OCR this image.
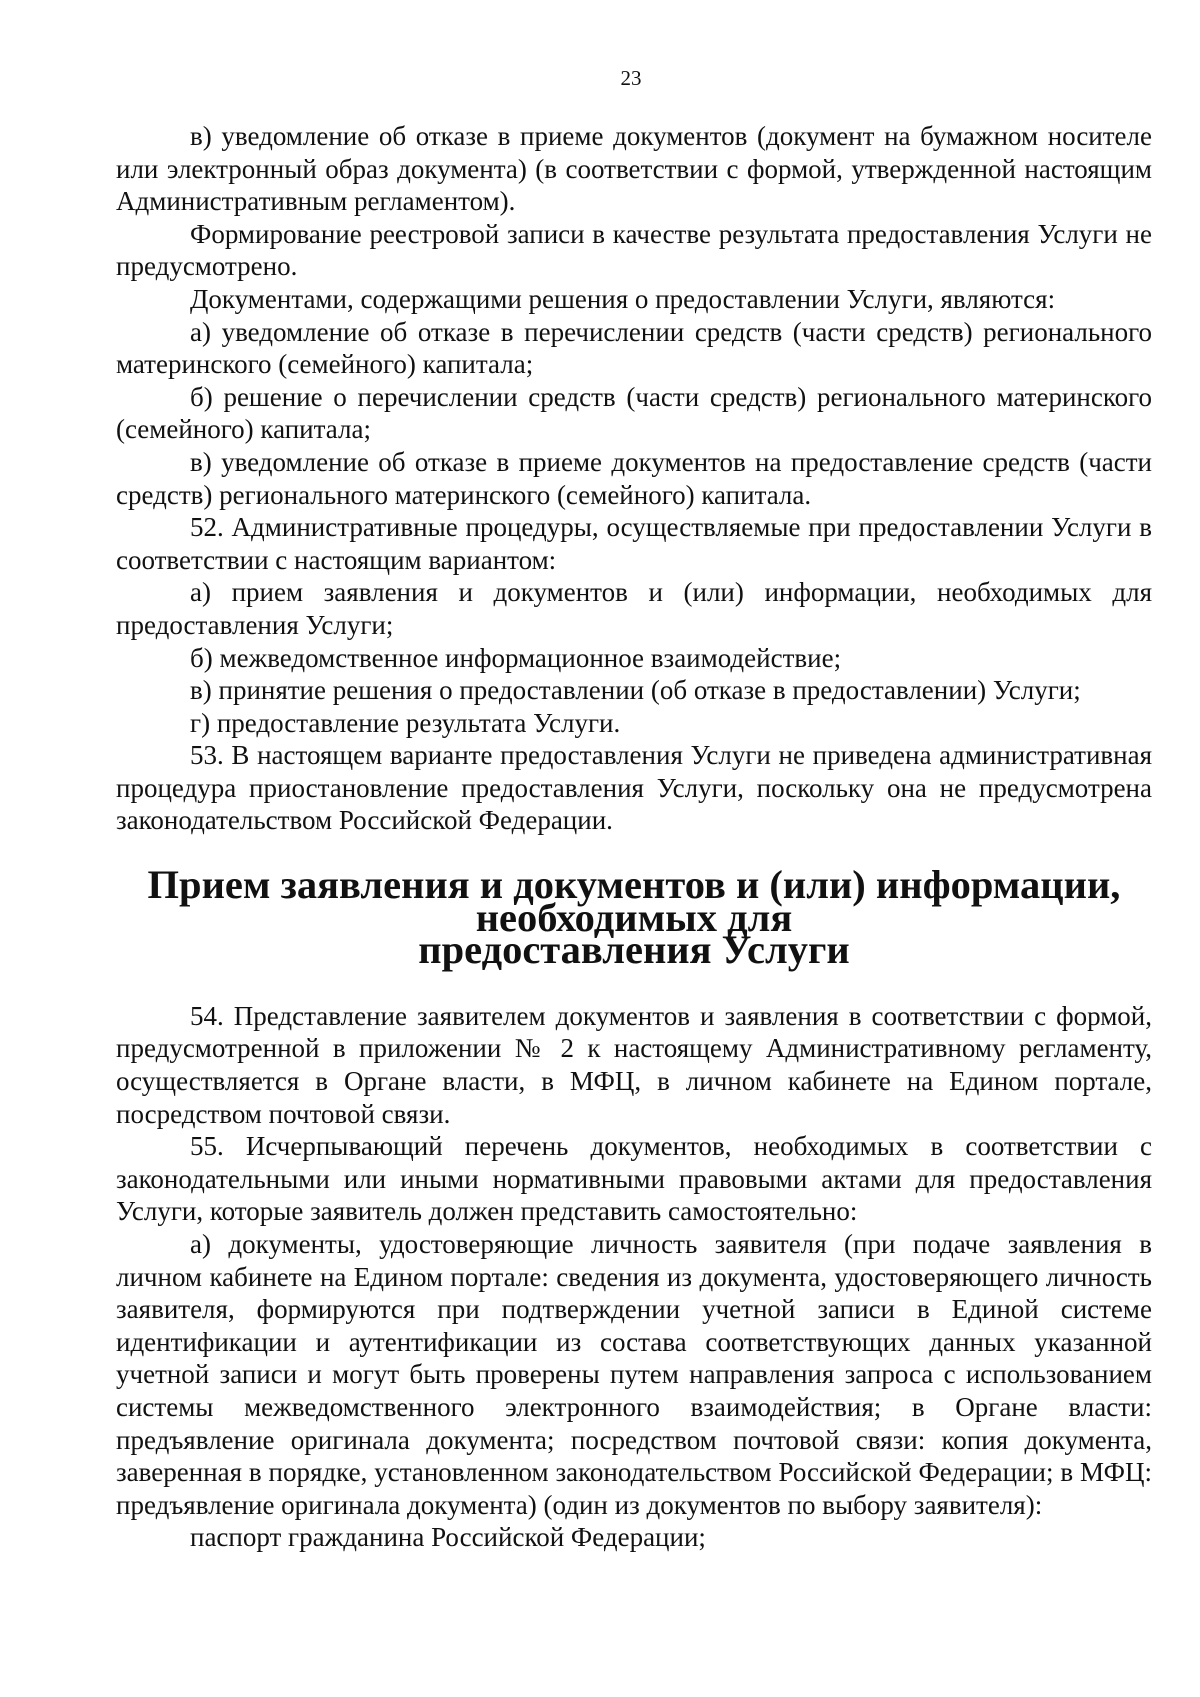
23

в) уведомление об отказе в приеме документов (документ на бумажном носителе или электронный образ документа) (в соответствии с формой, утвержденной настоящим Административным регламентом).

Формирование реестровой записи в качестве результата предоставления Услуги не предусмотрено.

Документами, содержащими решения о предоставлении Услуги, являются:

а) уведомление об отказе в перечислении средств (части средств) регионального материнского (семейного) капитала;

б) решение о перечислении средств (части средств) регионального материнского (семейного) капитала;

в) уведомление об отказе в приеме документов на предоставление средств (части средств) регионального материнского (семейного) капитала.

52. Административные процедуры, осуществляемые при предоставлении Услуги в соответствии с настоящим вариантом:

а) прием заявления и документов и (или) информации, необходимых для предоставления Услуги;

б) межведомственное информационное взаимодействие;

в) принятие решения о предоставлении (об отказе в предоставлении) Услуги;

г) предоставление результата Услуги.

53. В настоящем варианте предоставления Услуги не приведена административная процедура приостановление предоставления Услуги, поскольку она не предусмотрена законодательством Российской Федерации.

Прием заявления и документов и (или) информации, необходимых для
предоставления Услуги

54. Представление заявителем документов и заявления в соответствии с формой, предусмотренной в приложении № 2 к настоящему Административному регламенту, осуществляется в Органе власти, в МФЦ, в личном кабинете на Едином портале, посредством почтовой связи.

55. Исчерпывающий перечень документов, необходимых в соответствии с законодательными или иными нормативными правовыми актами для предоставления Услуги, которые заявитель должен представить самостоятельно:

а) документы, удостоверяющие личность заявителя (при подаче заявления в личном кабинете на Едином портале: сведения из документа, удостоверяющего личность заявителя, формируются при подтверждении учетной записи в Единой системе идентификации и аутентификации из состава соответствующих данных указанной учетной записи и могут быть проверены путем направления запроса с использованием системы межведомственного электронного взаимодействия; в Органе власти: предъявление оригинала документа; посредством почтовой связи: копия документа, заверенная в порядке, установленном законодательством Российской Федерации; в МФЦ: предъявление оригинала документа) (один из документов по выбору заявителя):

паспорт гражданина Российской Федерации;
